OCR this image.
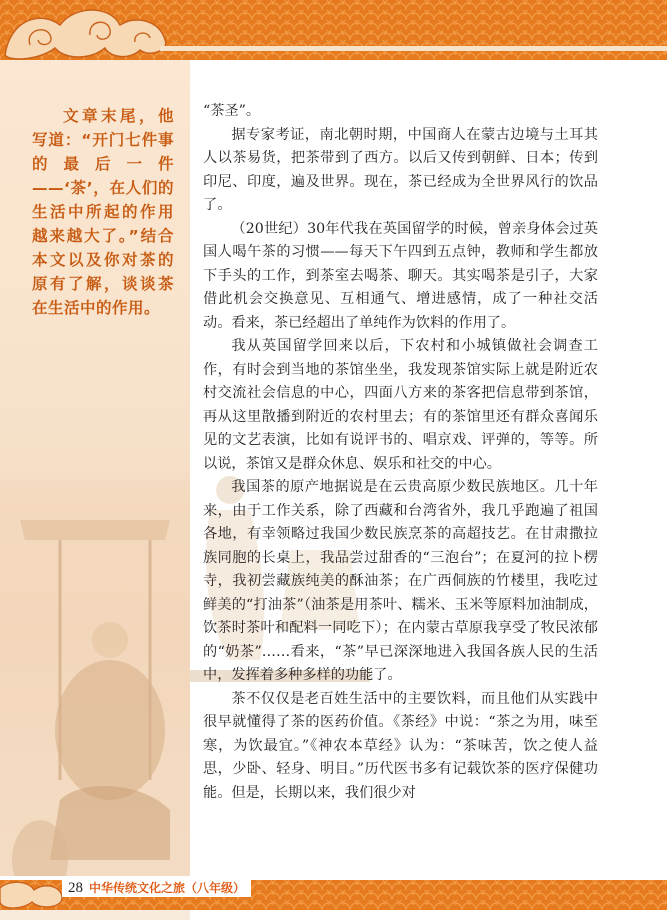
文章末尾，他写道：“开门七件事的最后一件——‘茶’，在人们的生活中所起的作用越来越大了。”结合本文以及你对茶的原有了解，谈谈茶在生活中的作用。

“茶圣”。

据专家考证，南北朝时期，中国商人在蒙古边境与土耳其人以茶易货，把茶带到了西方。以后又传到朝鲜、日本；传到印尼、印度，遍及世界。现在，茶已经成为全世界风行的饮品了。

（20世纪）30年代我在英国留学的时候，曾亲身体会过英国人喝午茶的习惯——每天下午四到五点钟，教师和学生都放下手头的工作，到茶室去喝茶、聊天。其实喝茶是引子，大家借此机会交换意见、互相通气、增进感情，成了一种社交活动。看来，茶已经超出了单纯作为饮料的作用了。

我从英国留学回来以后，下农村和小城镇做社会调查工作，有时会到当地的茶馆坐坐，我发现茶馆实际上就是附近农村交流社会信息的中心，四面八方来的茶客把信息带到茶馆，再从这里散播到附近的农村里去；有的茶馆里还有群众喜闻乐见的文艺表演，比如有说评书的、唱京戏、评弹的，等等。所以说，茶馆又是群众休息、娱乐和社交的中心。

我国茶的原产地据说是在云贵高原少数民族地区。几十年来，由于工作关系，除了西藏和台湾省外，我几乎跑遍了祖国各地，有幸领略过我国少数民族烹茶的高超技艺。在甘肃撒拉族同胞的长桌上，我品尝过甜香的“三泡台”；在夏河的拉卜楞寺，我初尝藏族纯美的酥油茶；在广西侗族的竹楼里，我吃过鲜美的“打油茶”（油茶是用茶叶、糯米、玉米等原料加油制成，饮茶时茶叶和配料一同吃下）；在内蒙古草原我享受了牧民浓郁的“奶茶”……看来，“茶”早已深深地进入我国各族人民的生活中，发挥着多种多样的功能了。

茶不仅仅是老百姓生活中的主要饮料，而且他们从实践中很早就懂得了茶的医药价值。《茶经》中说：“茶之为用，味至寒，为饮最宜。”《神农本草经》认为：“茶味苦，饮之使人益思，少卧、轻身、明目。”历代医书多有记载饮茶的医疗保健功能。但是，长期以来，我们很少对

28 中华传统文化之旅（八年级）
